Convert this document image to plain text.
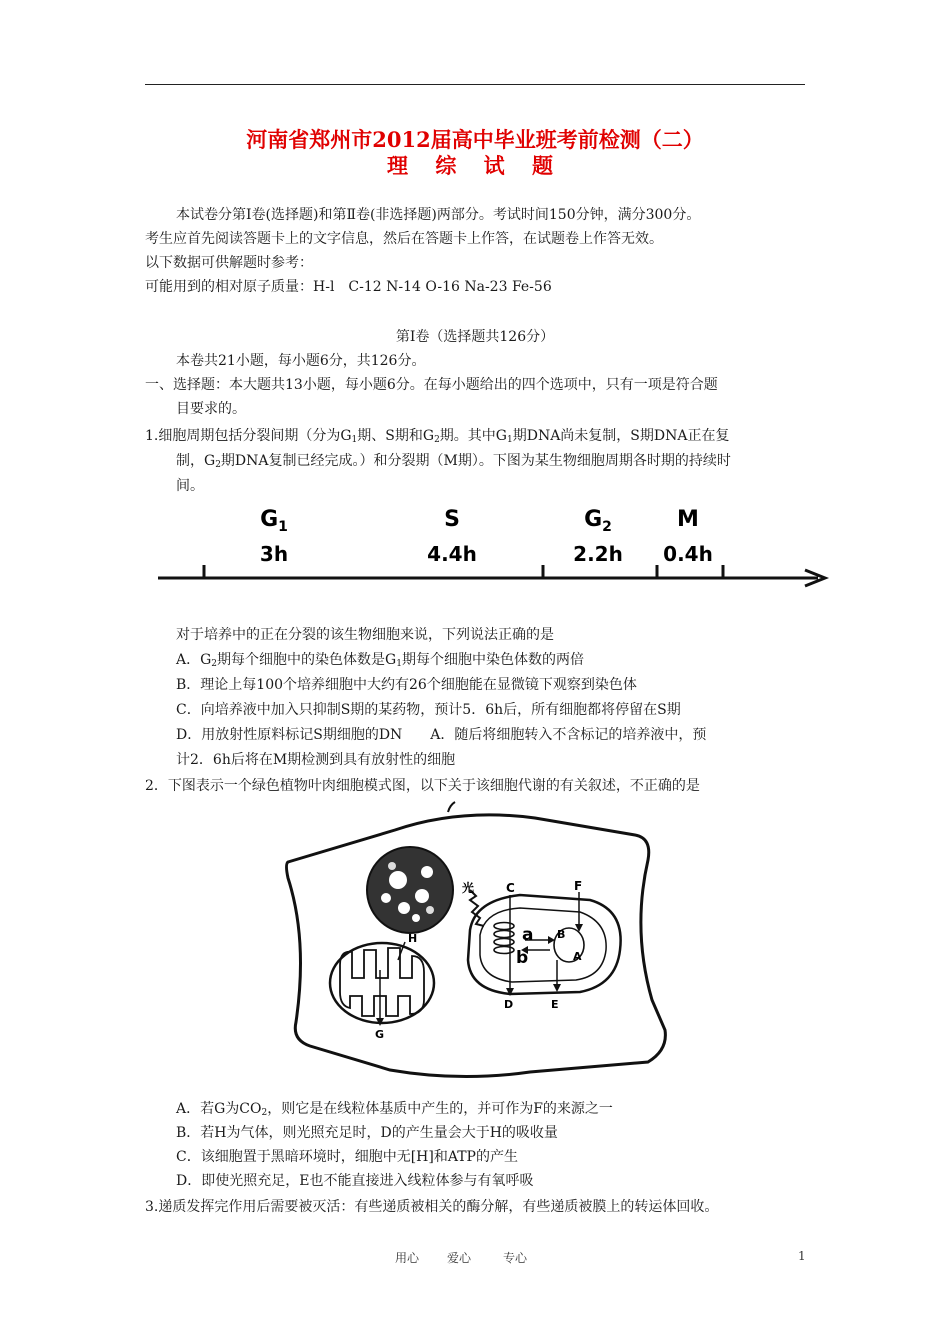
河南省郑州市2012届高中毕业班考前检测（二）
理 综 试 题
本试卷分第Ⅰ卷(选择题)和第Ⅱ卷(非选择题)两部分。考试时间150分钟，满分300分。
考生应首先阅读答题卡上的文字信息，然后在答题卡上作答，在试题卷上作答无效。
以下数据可供解题时参考：
可能用到的相对原子质量：H-l　C-12 N-14 O-16 Na-23 Fe-56
第Ⅰ卷（选择题共126分）
本卷共21小题，每小题6分，共126分。
一、选择题：本大题共13小题，每小题6分。在每小题给出的四个选项中，只有一项是符合题
目要求的。
1.细胞周期包括分裂间期（分为$G_1$期、S期和$G_2$期。其中$G_1$期DNA尚未复制，S期DNA正在复
制，$G_2$期DNA复制已经完成。）和分裂期（M期）。下图为某生物细胞周期各时期的持续时
间。
$G_1$
3h
S
4.4h
$G_2$
2.2h
M
0.4h
对于培养中的正在分裂的该生物细胞来说，下列说法正确的是
A．$G_2$期每个细胞中的染色体数是$G_1$期每个细胞中染色体数的两倍
B．理论上每100个培养细胞中大约有26个细胞能在显微镜下观察到染色体
C．向培养液中加入只抑制S期的某药物，预计5．6h后，所有细胞都将停留在S期
D．用放射性原料标记S期细胞的DN　　A．随后将细胞转入不含标记的培养液中，预
计2．6h后将在M期检测到具有放射性的细胞
2．下图表示一个绿色植物叶肉细胞模式图，以下关于该细胞代谢的有关叙述，不正确的是
光	C	F
a
b
B
A
H
D	E
G
A．若G为$CO_2$，则它是在线粒体基质中产生的，并可作为F的来源之一
B．若H为气体，则光照充足时，D的产生量会大于H的吸收量
C．该细胞置于黑暗环境时，细胞中无[H]和ATP的产生
D．即使光照充足，E也不能直接进入线粒体参与有氧呼吸
3.递质发挥完作用后需要被灭活：有些递质被相关的酶分解，有些递质被膜上的转运体回收。
用心 爱心	专心	1
